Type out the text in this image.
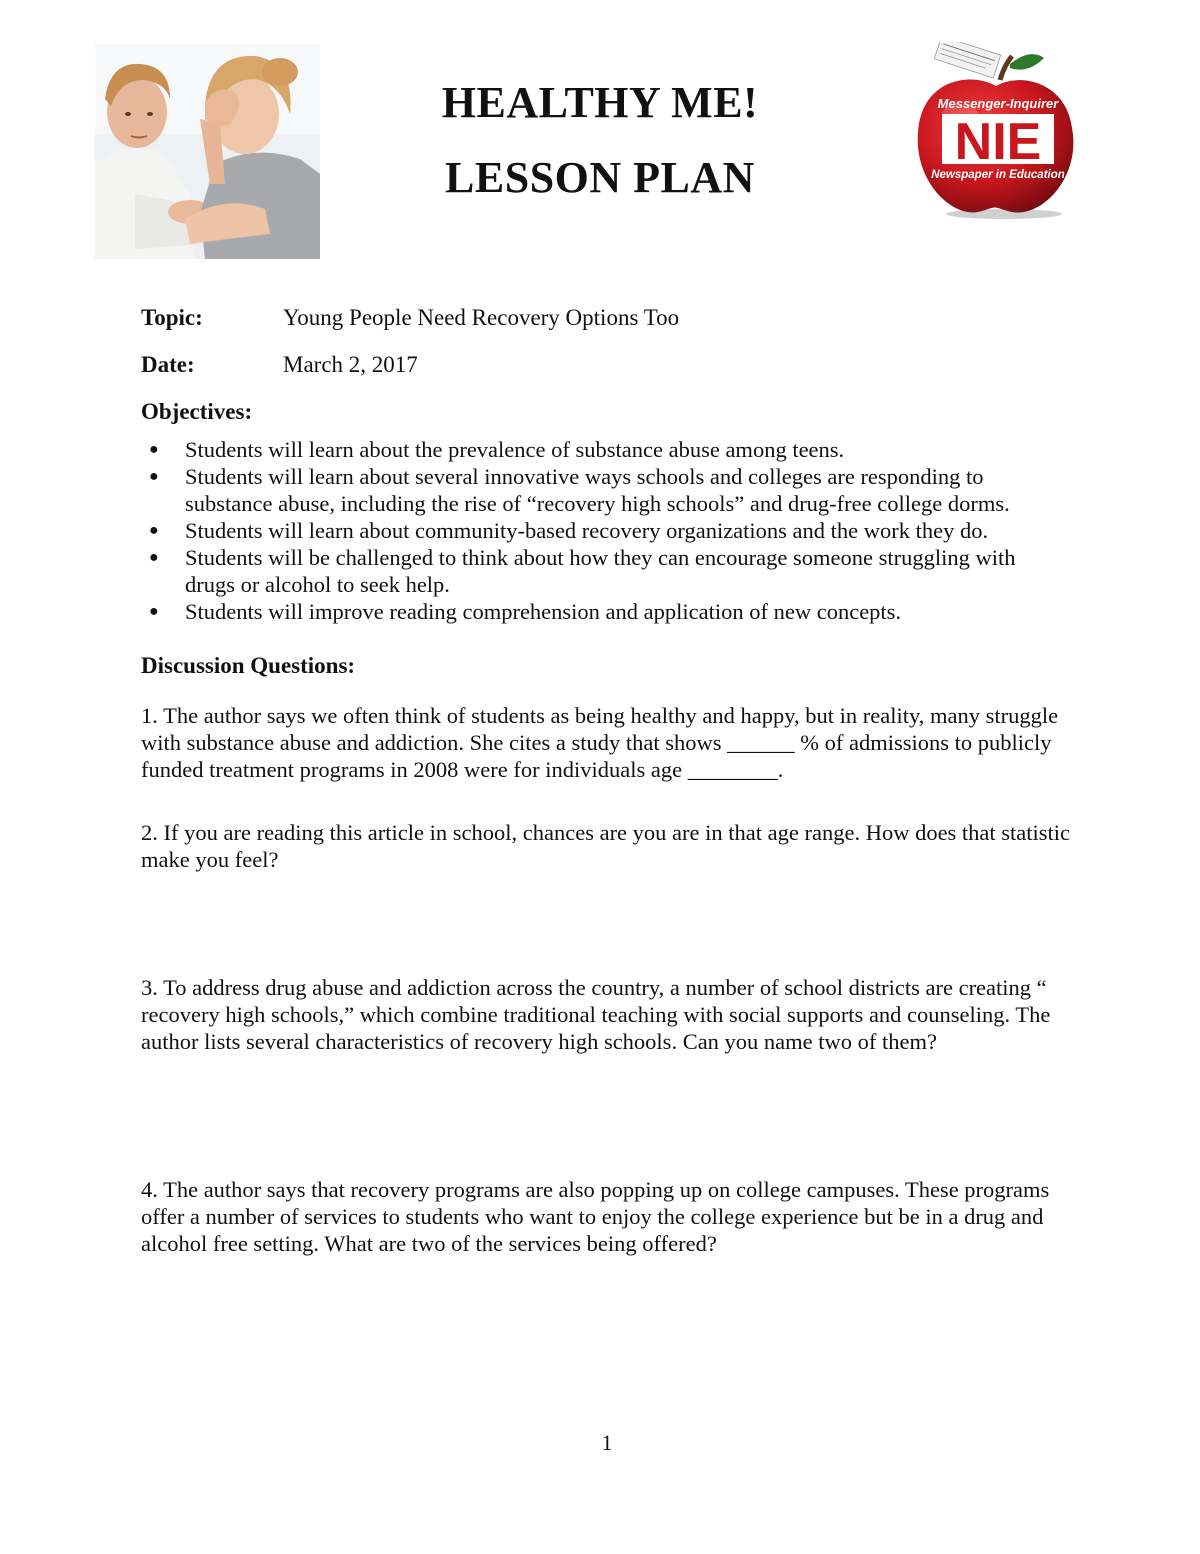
HEALTHY ME!
LESSON PLAN
Messenger-Inquirer
NIE
Newspaper in Education
In Our Community... That's My Kid
Topic:	Young People Need Recovery Options Too
Date:	March 2, 2017
Objectives:
● Students will learn about the prevalence of substance abuse among teens.
● Students will learn about several innovative ways schools and colleges are responding to substance abuse, including the rise of “recovery high schools” and drug-free college dorms.
● Students will learn about community-based recovery organizations and the work they do.
● Students will be challenged to think about how they can encourage someone struggling with drugs or alcohol to seek help.
● Students will improve reading comprehension and application of new concepts.
Discussion Questions:

1. The author says we often think of students as being healthy and happy, but in reality, many struggle with substance abuse and addiction. She cites a study that shows ______ % of admissions to publicly funded treatment programs in 2008 were for individuals age ________.

2. If you are reading this article in school, chances are you are in that age range. How does that statistic make you feel?

3. To address drug abuse and addiction across the country, a number of school districts are creating “ recovery high schools,” which combine traditional teaching with social supports and counseling. The author lists several characteristics of recovery high schools. Can you name two of them?

4. The author says that recovery programs are also popping up on college campuses. These programs offer a number of services to students who want to enjoy the college experience but be in a drug and alcohol free setting. What are two of the services being offered?

1
